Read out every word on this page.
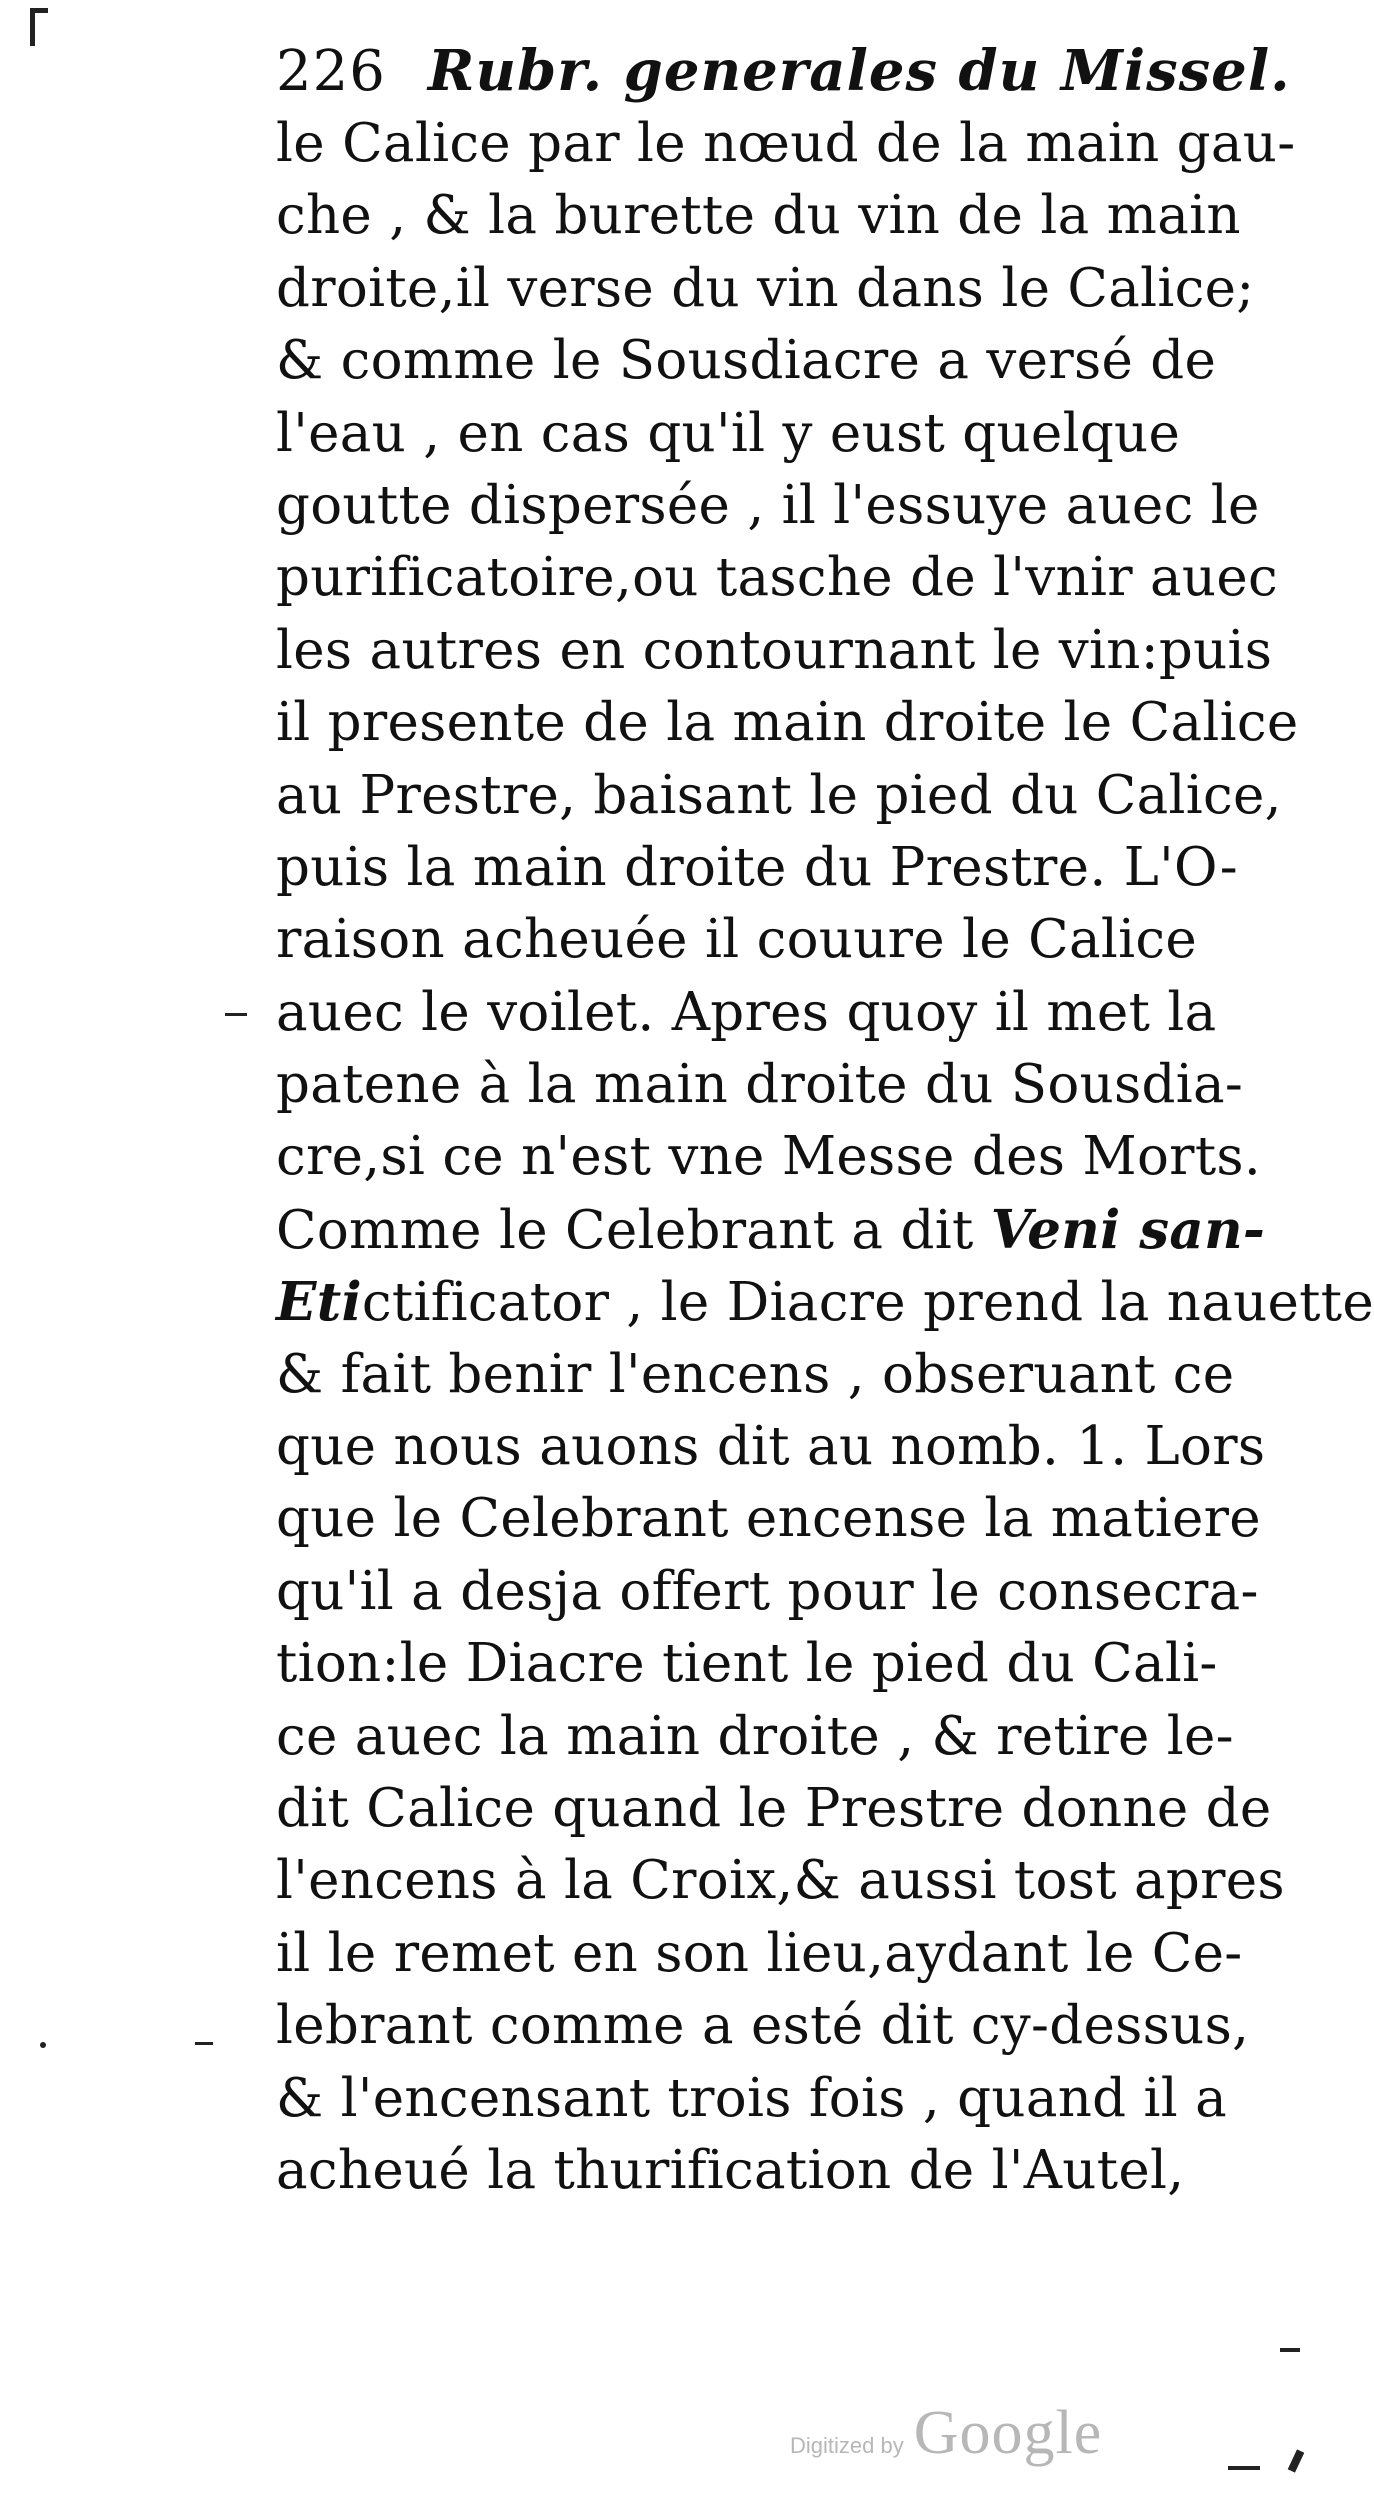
226 Rubr. generales du Missel.
le Calice par le nœud de la main gau-
che , & la burette du vin de la main
droite,il verse du vin dans le Calice;
& comme le Sousdiacre a versé de
l'eau , en cas qu'il y eust quelque
goutte dispersée , il l'essuye auec le
purificatoire,ou tasche de l'vnir auec
les autres en contournant le vin:puis
il presente de la main droite le Calice
au Prestre, baisant le pied du Calice,
puis la main droite du Prestre. L'O-
raison acheuée il couure le Calice
auec le voilet. Apres quoy il met la
patene à la main droite du Sousdia-
cre,si ce n'est vne Messe des Morts.
Comme le Celebrant a dit Veni san-
Etictificator , le Diacre prend la nauette
& fait benir l'encens , obseruant ce
que nous auons dit au nomb. 1. Lors
que le Celebrant encense la matiere
qu'il a desja offert pour le consecra-
tion:le Diacre tient le pied du Cali-
ce auec la main droite , & retire le-
dit Calice quand le Prestre donne de
l'encens à la Croix,& aussi tost apres
il le remet en son lieu,aydant le Ce-
lebrant comme a esté dit cy-dessus,
& l'encensant trois fois , quand il a
acheué la thurification de l'Autel,
Digitized by Google
